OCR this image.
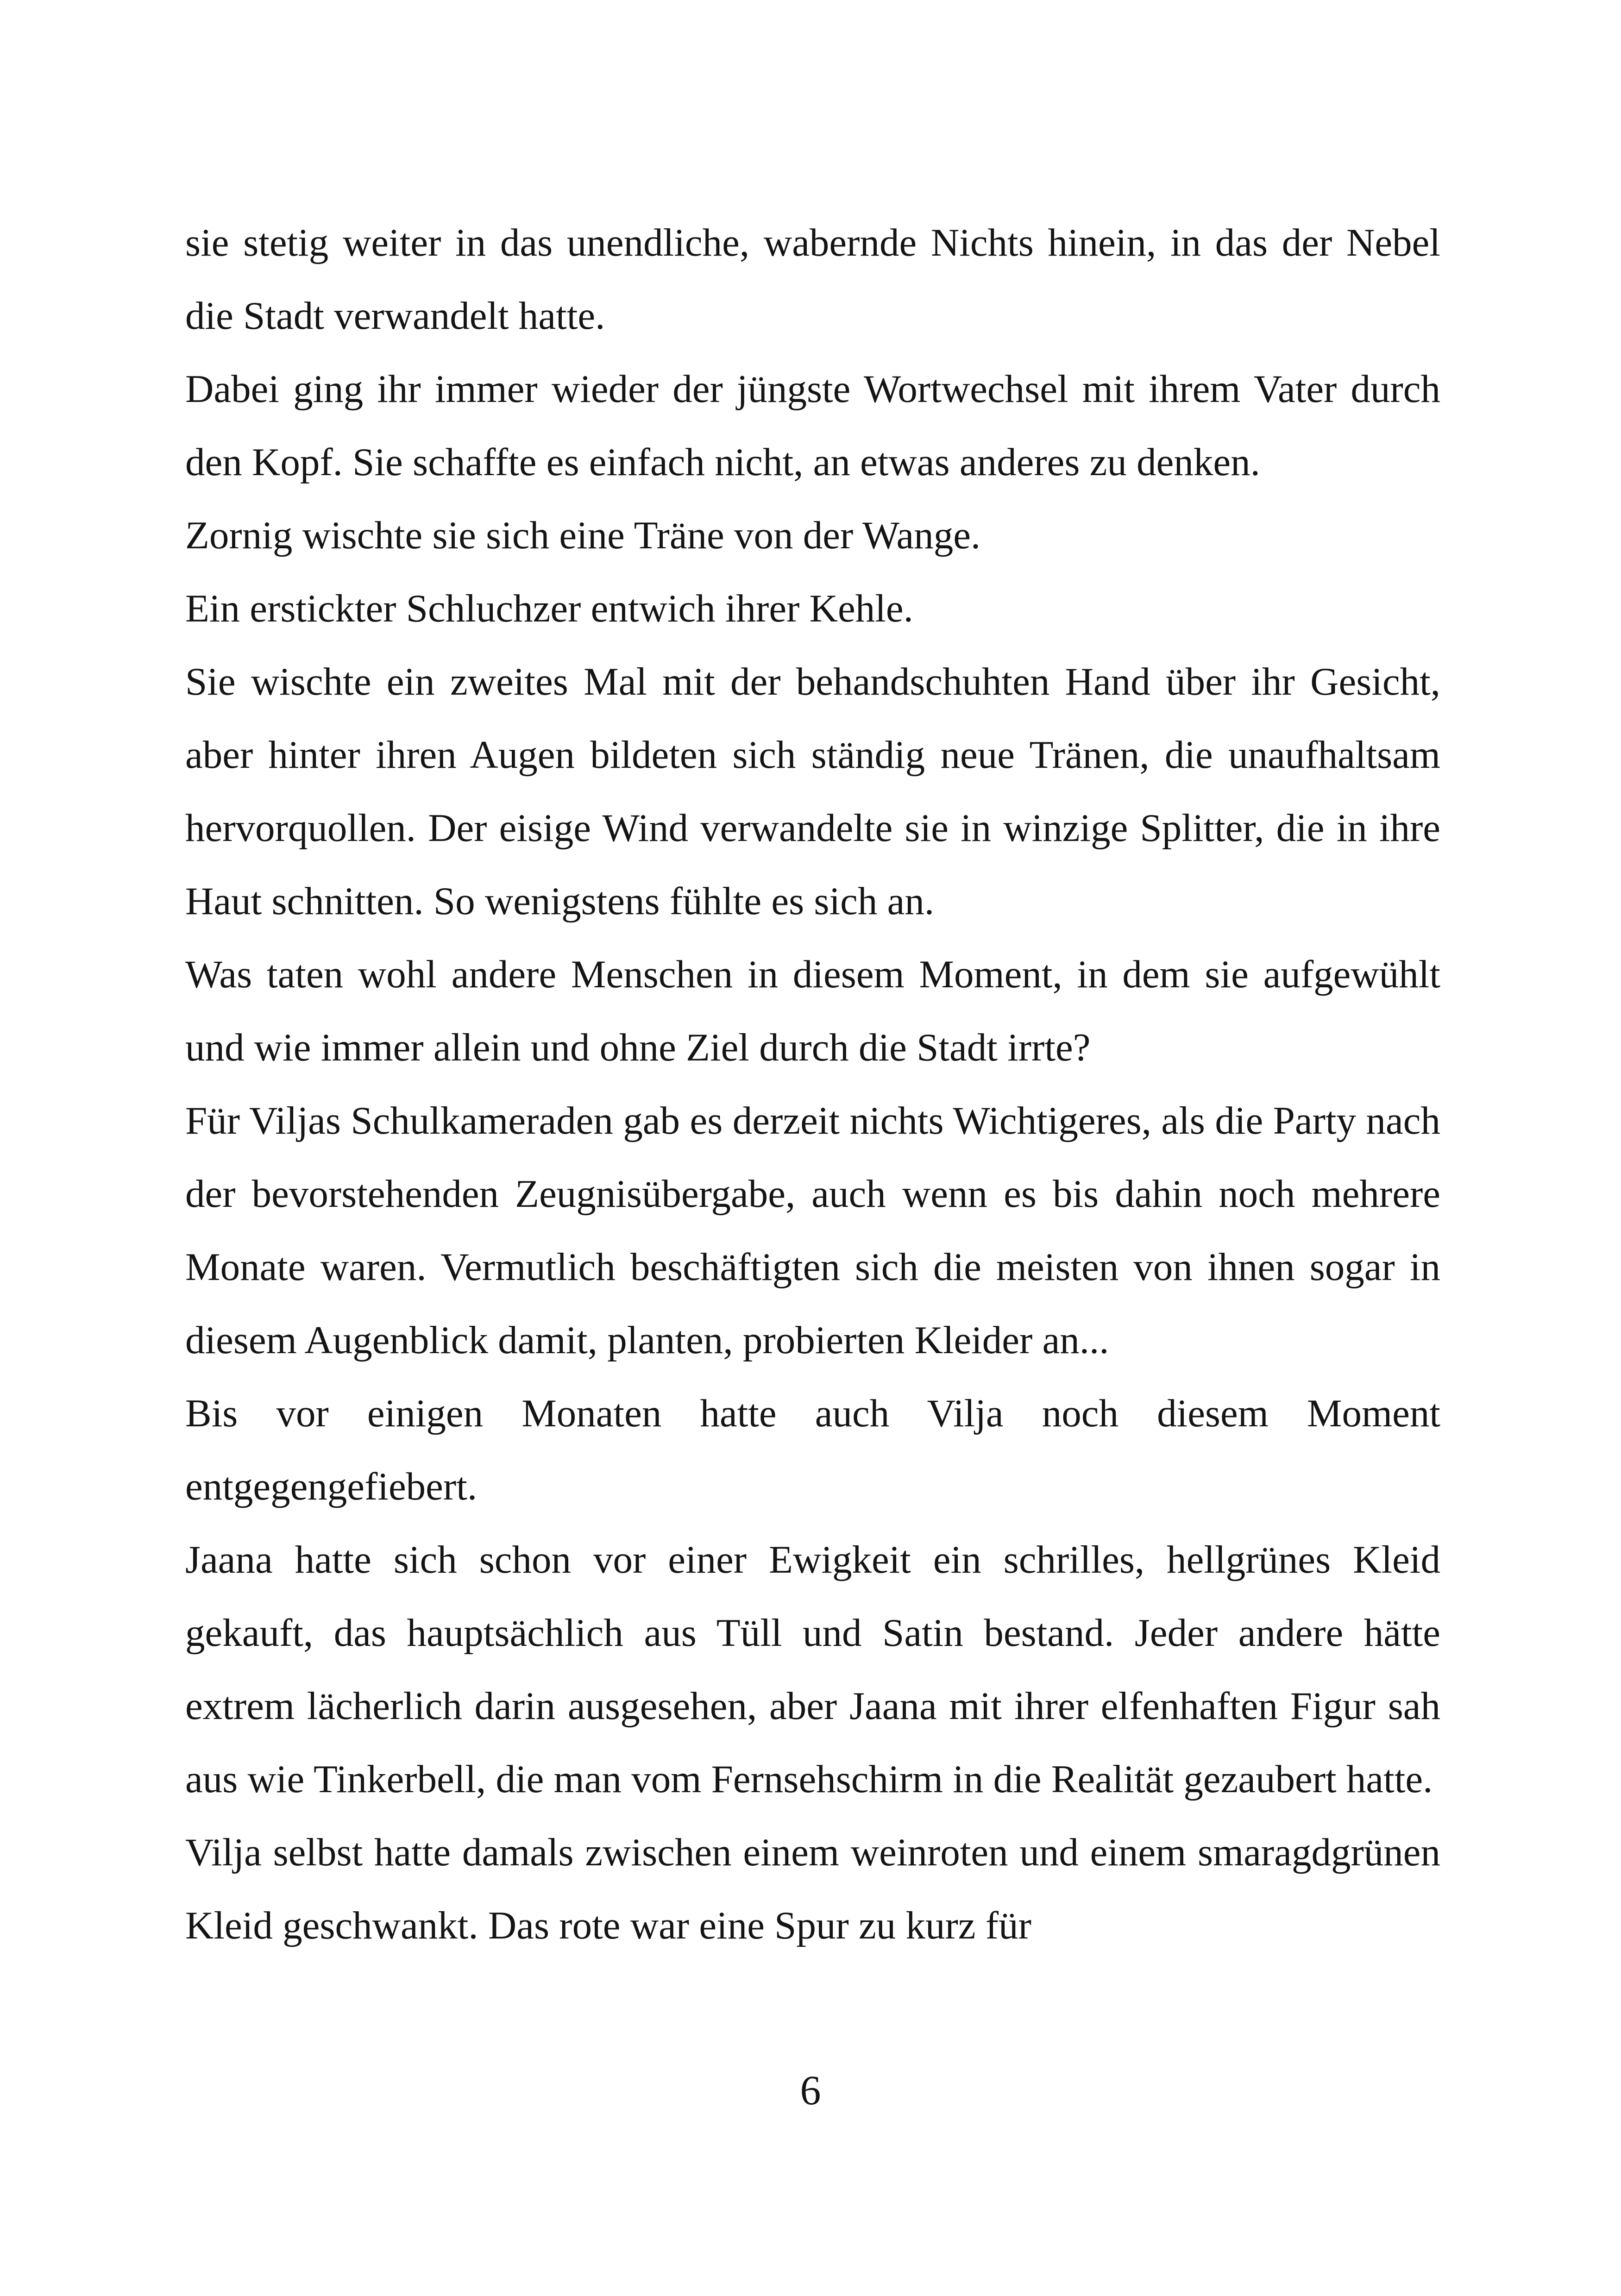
sie stetig weiter in das unendliche, wabernde Nichts hinein, in das der Nebel die Stadt verwandelt hatte.

Dabei ging ihr immer wieder der jüngste Wortwechsel mit ihrem Vater durch den Kopf. Sie schaffte es einfach nicht, an etwas anderes zu denken.

Zornig wischte sie sich eine Träne von der Wange.

Ein erstickter Schluchzer entwich ihrer Kehle.

Sie wischte ein zweites Mal mit der behandschuhten Hand über ihr Gesicht, aber hinter ihren Augen bildeten sich ständig neue Tränen, die unaufhaltsam hervorquollen. Der eisige Wind verwandelte sie in winzige Splitter, die in ihre Haut schnitten. So wenigstens fühlte es sich an.

Was taten wohl andere Menschen in diesem Moment, in dem sie aufgewühlt und wie immer allein und ohne Ziel durch die Stadt irrte?

Für Viljas Schulkameraden gab es derzeit nichts Wichtigeres, als die Party nach der bevorstehenden Zeugnisübergabe, auch wenn es bis dahin noch mehrere Monate waren. Vermutlich beschäftigten sich die meisten von ihnen sogar in diesem Augenblick damit, planten, probierten Kleider an...

Bis vor einigen Monaten hatte auch Vilja noch diesem Moment entgegengefiebert.

Jaana hatte sich schon vor einer Ewigkeit ein schrilles, hellgrünes Kleid gekauft, das hauptsächlich aus Tüll und Satin bestand. Jeder andere hätte extrem lächerlich darin ausgesehen, aber Jaana mit ihrer elfenhaften Figur sah aus wie Tinkerbell, die man vom Fernsehschirm in die Realität gezaubert hatte.

Vilja selbst hatte damals zwischen einem weinroten und einem smaragdgrünen Kleid geschwankt. Das rote war eine Spur zu kurz für

6
